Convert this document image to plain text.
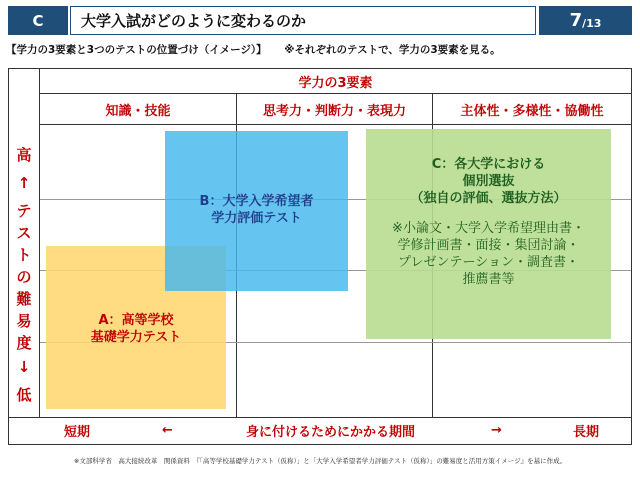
C	大学入試がどのように変わるのか	7 /13
【学力の3要素と3つのテストの位置づけ（イメージ）】 ※それぞれのテストで、学力の3要素を見る。
学力の3要素
知識・技能	思考力・判断力・表現力	主体性・多様性・協働性
高
↑
テ
ス
ト
の
難
易
度
↓
低
短期	←	身に付けるためにかかる期間	→	長期
A：高等学校
基礎学力テスト
B：大学入学希望者
学力評価テスト
C：各大学における
個別選抜
（独自の評価、選抜方法）
※小論文・大学入学希望理由書・
学修計画書・面接・集団討論・
プレゼンテーション・調査書・
推薦書等
※文部科学省　高大接続改革　関係資料　『「高等学校基礎学力テスト（仮称）」と「大学入学希望者学力評価テスト（仮称）」の難易度と活用方策イメージ』を基に作成。
